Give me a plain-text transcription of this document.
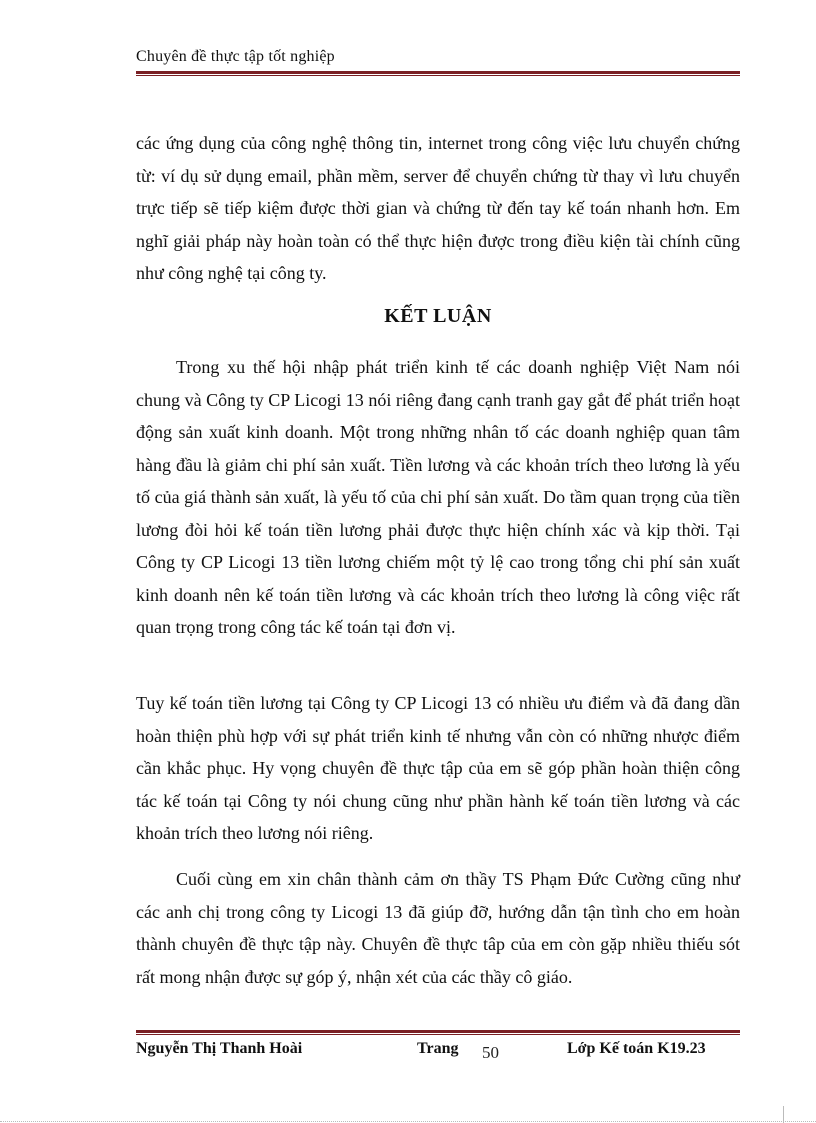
Chuyên đề thực tập tốt nghiệp
các ứng dụng của công nghệ thông tin, internet trong công việc lưu chuyển chứng từ: ví dụ sử dụng email, phần mềm, server để chuyển chứng từ thay vì lưu chuyển trực tiếp sẽ tiếp kiệm được thời gian và chứng từ đến tay kế toán nhanh hơn. Em nghĩ giải pháp này hoàn toàn có thể thực hiện được trong điều kiện tài chính cũng như công nghệ tại công ty.
KẾT LUẬN
Trong xu thế hội nhập phát triển kinh tế các doanh nghiệp Việt Nam nói chung và Công ty CP Licogi 13 nói riêng đang cạnh tranh gay gắt để phát triển hoạt động sản xuất kinh doanh. Một trong những nhân tố các doanh nghiệp quan tâm hàng đầu là giảm chi phí sản xuất. Tiền lương và các khoản trích theo lương là yếu tố của giá thành sản xuất, là yếu tố của chi phí sản xuất. Do tầm quan trọng của tiền lương đòi hỏi kế toán tiền lương phải được thực hiện chính xác và kịp thời. Tại Công ty CP Licogi 13 tiền lương chiếm một tỷ lệ cao trong tổng chi phí sản xuất kinh doanh nên kế toán tiền lương và các khoản trích theo lương là công việc rất quan trọng trong công tác kế toán tại đơn vị.
Tuy kế toán tiền lương tại Công ty CP Licogi 13 có nhiều ưu điểm và đã đang dần hoàn thiện phù hợp với sự phát triển kinh tế nhưng vẫn còn có những nhược điểm cần khắc phục. Hy vọng chuyên đề thực tập của em sẽ góp phần hoàn thiện công tác kế toán tại Công ty nói chung cũng như phần hành kế toán tiền lương và các khoản trích theo lương nói riêng.
Cuối cùng em xin chân thành cảm ơn thầy TS Phạm Đức Cường cũng như các anh chị trong công ty Licogi 13 đã giúp đỡ, hướng dẫn tận tình cho em hoàn thành chuyên đề thực tập này. Chuyên đề thực tâp của em còn gặp nhiều thiếu sót rất mong nhận được sự góp ý, nhận xét của các thầy cô giáo.
Nguyễn Thị Thanh Hoài	Trang 50	Lớp Kế toán K19.23
